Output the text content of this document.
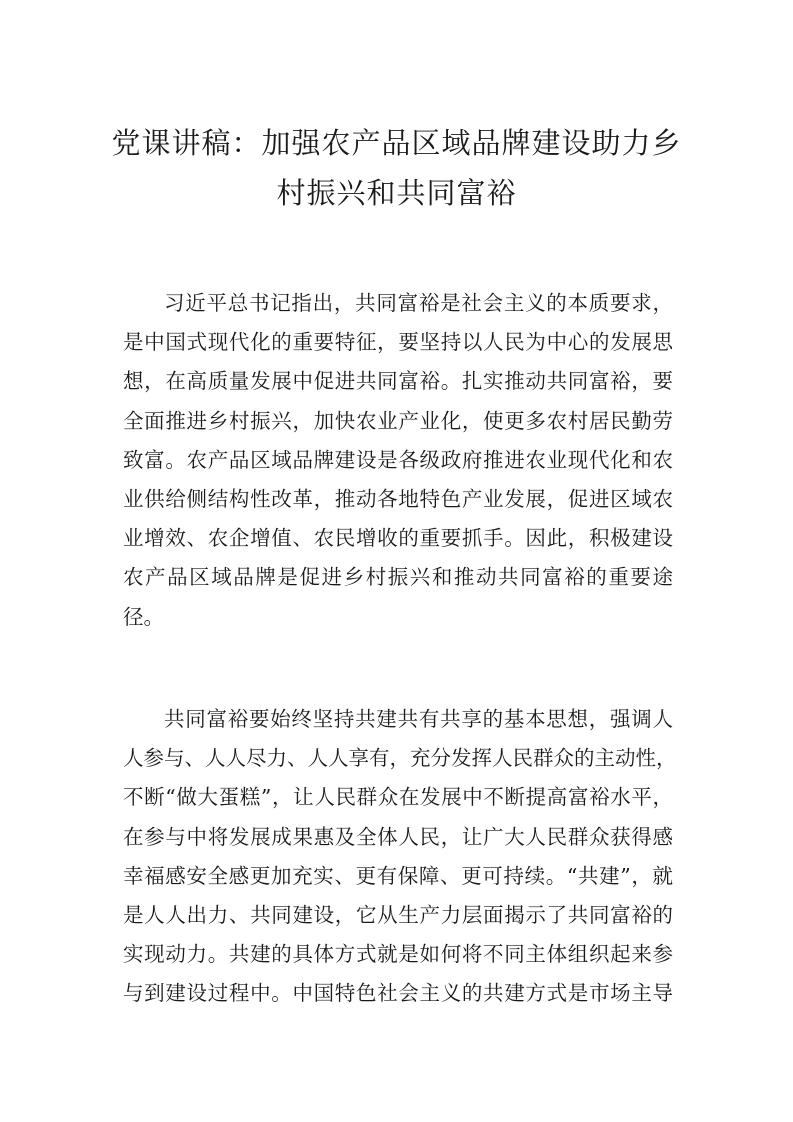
党课讲稿：加强农产品区域品牌建设助力乡
村振兴和共同富裕
习近平总书记指出，共同富裕是社会主义的本质要求，
是中国式现代化的重要特征，要坚持以人民为中心的发展思
想，在高质量发展中促进共同富裕。扎实推动共同富裕，要
全面推进乡村振兴，加快农业产业化，使更多农村居民勤劳
致富。农产品区域品牌建设是各级政府推进农业现代化和农
业供给侧结构性改革，推动各地特色产业发展，促进区域农
业增效、农企增值、农民增收的重要抓手。因此，积极建设
农产品区域品牌是促进乡村振兴和推动共同富裕的重要途
径。
共同富裕要始终坚持共建共有共享的基本思想，强调人
人参与、人人尽力、人人享有，充分发挥人民群众的主动性，
不断“做大蛋糕”，让人民群众在发展中不断提高富裕水平，
在参与中将发展成果惠及全体人民，让广大人民群众获得感
幸福感安全感更加充实、更有保障、更可持续。“共建”，就
是人人出力、共同建设，它从生产力层面揭示了共同富裕的
实现动力。共建的具体方式就是如何将不同主体组织起来参
与到建设过程中。中国特色社会主义的共建方式是市场主导
